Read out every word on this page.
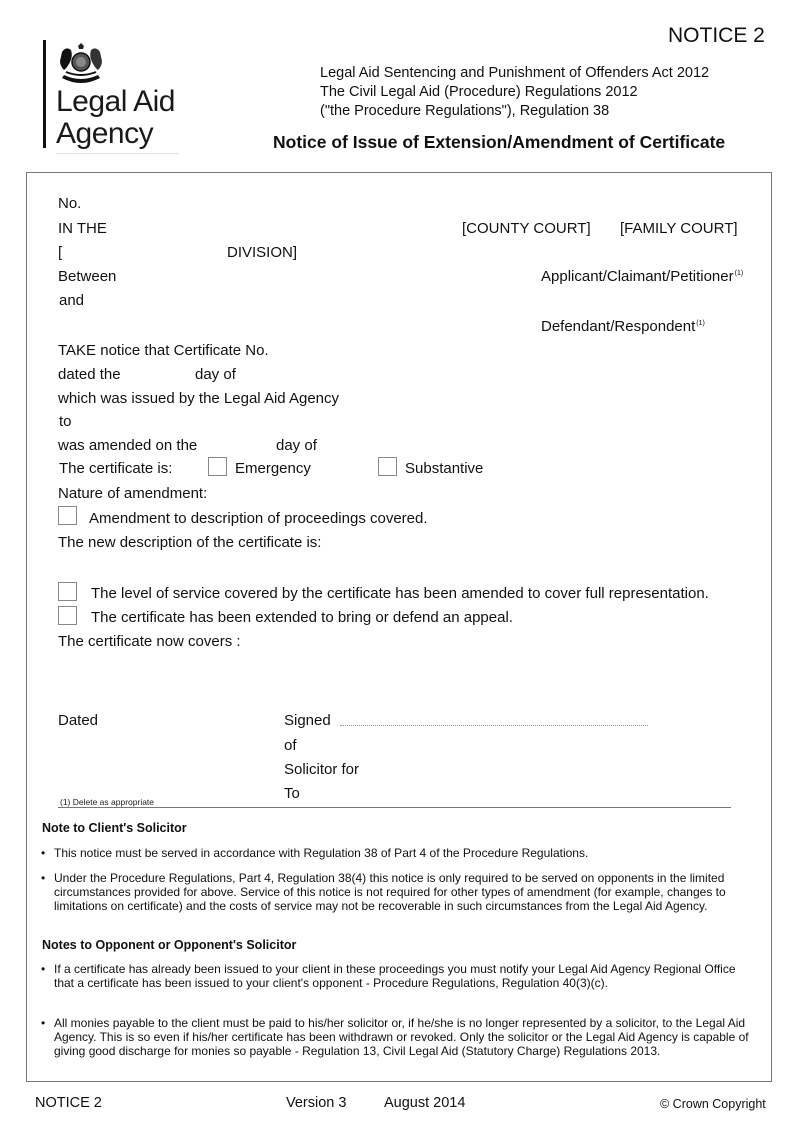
NOTICE 2
Legal Aid
Agency
Legal Aid Sentencing and Punishment of Offenders Act 2012
The Civil Legal Aid (Procedure) Regulations 2012
("the Procedure Regulations"), Regulation 38
Notice of Issue of Extension/Amendment of Certificate
No.
IN THE	[COUNTY COURT] [FAMILY COURT]
[	DIVISION]
Between	Applicant/Claimant/Petitioner$^{(1)}$
and
Defendant/Respondent$^{(1)}$
TAKE notice that Certificate No.
dated the	day of
which was issued by the Legal Aid Agency
to
was amended on the	day of
The certificate is:	Emergency	Substantive
Nature of amendment:
Amendment to description of proceedings covered.
The new description of the certificate is:
The level of service covered by the certificate has been amended to cover full representation.
The certificate has been extended to bring or defend an appeal.
The certificate now covers :
Dated	Signed
of
Solicitor for
To
(1) Delete as appropriate
Note to Client's Solicitor
• This notice must be served in accordance with Regulation 38 of Part 4 of the Procedure Regulations.
• Under the Procedure Regulations, Part 4, Regulation 38(4) this notice is only required to be served on opponents in the limited circumstances provided for above. Service of this notice is not required for other types of amendment (for example, changes to limitations on certificate) and the costs of service may not be recoverable in such circumstances from the Legal Aid Agency.
Notes to Opponent or Opponent's Solicitor
• If a certificate has already been issued to your client in these proceedings you must notify your Legal Aid Agency Regional Office that a certificate has been issued to your client's opponent - Procedure Regulations, Regulation 40(3)(c).
• All monies payable to the client must be paid to his/her solicitor or, if he/she is no longer represented by a solicitor, to the Legal Aid Agency. This is so even if his/her certificate has been withdrawn or revoked. Only the solicitor or the Legal Aid Agency is capable of giving good discharge for monies so payable - Regulation 13, Civil Legal Aid (Statutory Charge) Regulations 2013.
NOTICE 2	Version 3	August 2014	© Crown Copyright
